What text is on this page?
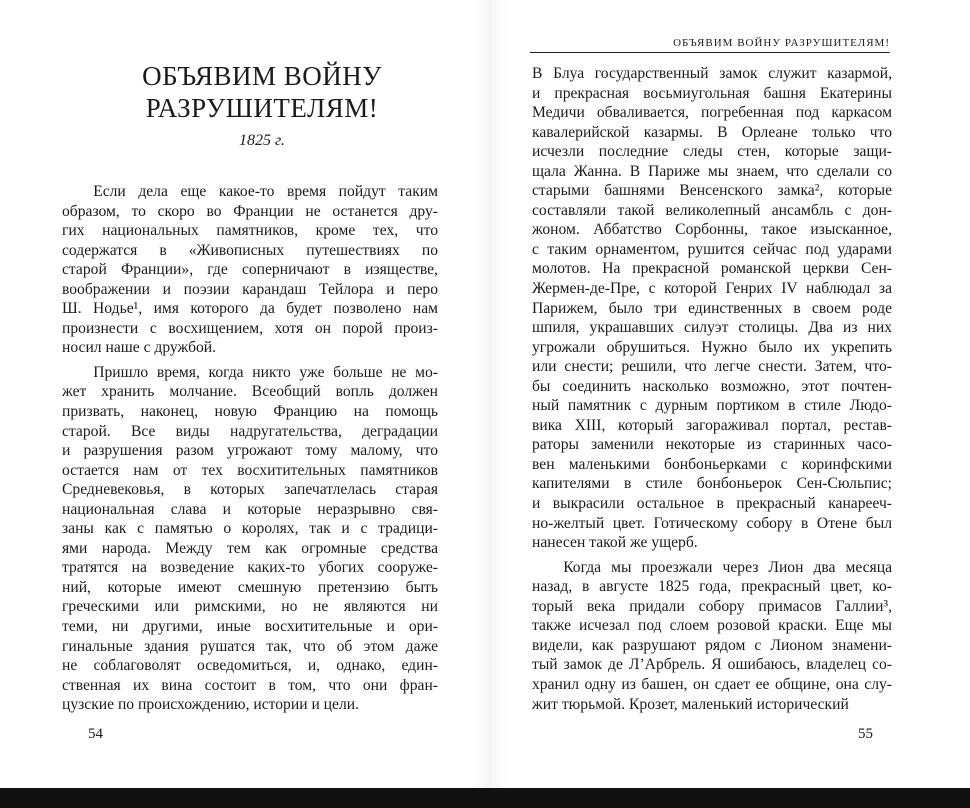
ОБЪЯВИМ ВОЙНУ
РАЗРУШИТЕЛЯМ!

1825 г.

  Если дела еще какое-то время пойдут таким
образом, то скоро во Франции не останется дру-
гих национальных памятников, кроме тех, что
содержатся в «Живописных путешествиях по
старой Франции», где соперничают в изяществе,
воображении и поэзии карандаш Тейлора и перо
Ш. Нодье¹, имя которого да будет позволено нам
произнести с восхищением, хотя он порой произ-
носил наше с дружбой.
  Пришло время, когда никто уже больше не мо-
жет хранить молчание. Всеобщий вопль должен
призвать, наконец, новую Францию на помощь
старой. Все виды надругательства, деградации
и разрушения разом угрожают тому малому, что
остается нам от тех восхитительных памятников
Средневековья, в которых запечатлелась старая
национальная слава и которые неразрывно свя-
заны как с памятью о королях, так и с традици-
ями народа. Между тем как огромные средства
тратятся на возведение каких-то убогих сооруже-
ний, которые имеют смешную претензию быть
греческими или римскими, но не являются ни
теми, ни другими, иные восхитительные и ори-
гинальные здания рушатся так, что об этом даже
не соблаговолят осведомиться, и, однако, един-
ственная их вина состоит в том, что они фран-
цузские по происхождению, истории и цели.

54

ОБЪЯВИМ ВОЙНУ РАЗРУШИТЕЛЯМ!

В Блуа государственный замок служит казармой,
и прекрасная восьмиугольная башня Екатерины
Медичи обваливается, погребенная под каркасом
кавалерийской казармы. В Орлеане только что
исчезли последние следы стен, которые защи-
щала Жанна. В Париже мы знаем, что сделали со
старыми башнями Венсенского замка², которые
составляли такой великолепный ансамбль с дон-
жоном. Аббатство Сорбонны, такое изысканное,
с таким орнаментом, рушится сейчас под ударами
молотов. На прекрасной романской церкви Сен-
Жермен-де-Пре, с которой Генрих IV наблюдал за
Парижем, было три единственных в своем роде
шпиля, украшавших силуэт столицы. Два из них
угрожали обрушиться. Нужно было их укрепить
или снести; решили, что легче снести. Затем, что-
бы соединить насколько возможно, этот почтен-
ный памятник с дурным портиком в стиле Людо-
вика XIII, который загораживал портал, рестав-
раторы заменили некоторые из старинных часо-
вен маленькими бонбоньерками с коринфскими
капителями в стиле бонбоньерок Сен-Сюльпис;
и выкрасили остальное в прекрасный канарееч-
но-желтый цвет. Готическому собору в Отене был
нанесен такой же ущерб.
  Когда мы проезжали через Лион два месяца
назад, в августе 1825 года, прекрасный цвет, ко-
торый века придали собору примасов Галлии³,
также исчезал под слоем розовой краски. Еще мы
видели, как разрушают рядом с Лионом знамени-
тый замок де Л’Арбрель. Я ошибаюсь, владелец со-
хранил одну из башен, он сдает ее общине, она слу-
жит тюрьмой. Крозет, маленький исторический

55
